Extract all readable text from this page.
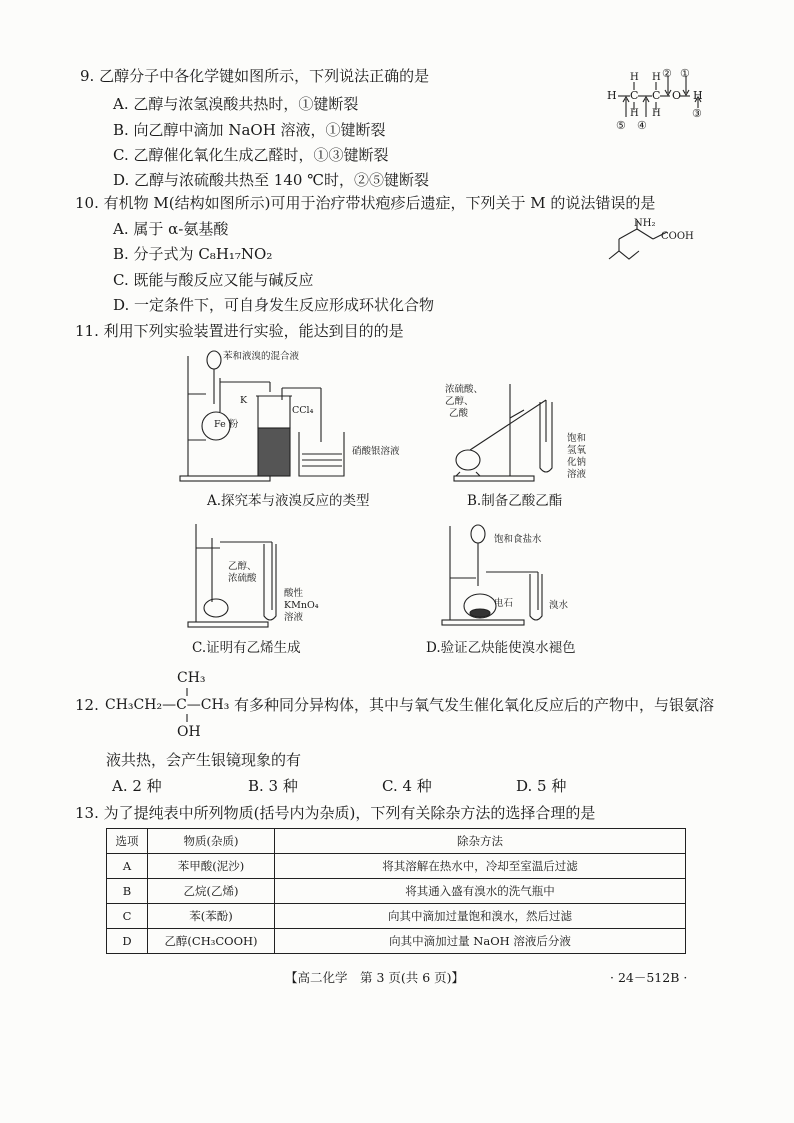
9. 乙醇分子中各化学键如图所示，下列说法正确的是
A. 乙醇与浓氢溴酸共热时，①键断裂
B. 向乙醇中滴加 NaOH 溶液，①键断裂
C. 乙醇催化氧化生成乙醛时，①③键断裂
D. 乙醇与浓硫酸共热至 140 ℃时，②⑤键断裂
H C C O H
H H
H H
② ①
③
④
⑤
10. 有机物 M(结构如图所示)可用于治疗带状疱疹后遗症，下列关于 M 的说法错误的是
A. 属于 α-氨基酸
B. 分子式为 C₈H₁₇NO₂
C. 既能与酸反应又能与碱反应
D. 一定条件下，可自身发生反应形成环状化合物
NH₂
COOH
11. 利用下列实验装置进行实验，能达到目的的是
苯和液溴的混合液
K
Fe 粉
CCl₄
硝酸银溶液
A.探究苯与液溴反应的类型
浓硫酸、
乙醇、
乙酸
饱和
氢氧
化钠
溶液
B.制备乙酸乙酯
乙醇、
浓硫酸
酸性
KMnO₄
溶液
C.证明有乙烯生成
饱和食盐水
电石	溴水
D.验证乙炔能使溴水褪色
12. CH₃CH₂—C—CH₃
CH₃
OH
有多种同分异构体，其中与氧气发生催化氧化反应后的产物中，与银氨溶
液共热，会产生银镜现象的有
A. 2 种	B. 3 种	C. 4 种	D. 5 种
13. 为了提纯表中所列物质(括号内为杂质)，下列有关除杂方法的选择合理的是
选项	物质(杂质)	除杂方法
A	苯甲酸(泥沙)	将其溶解在热水中，冷却至室温后过滤
B	乙烷(乙烯)	将其通入盛有溴水的洗气瓶中
C	苯(苯酚)	向其中滴加过量饱和溴水，然后过滤
D	乙醇(CH₃COOH)	向其中滴加过量 NaOH 溶液后分液
【高二化学　第 3 页(共 6 页)】	· 24－512B ·
